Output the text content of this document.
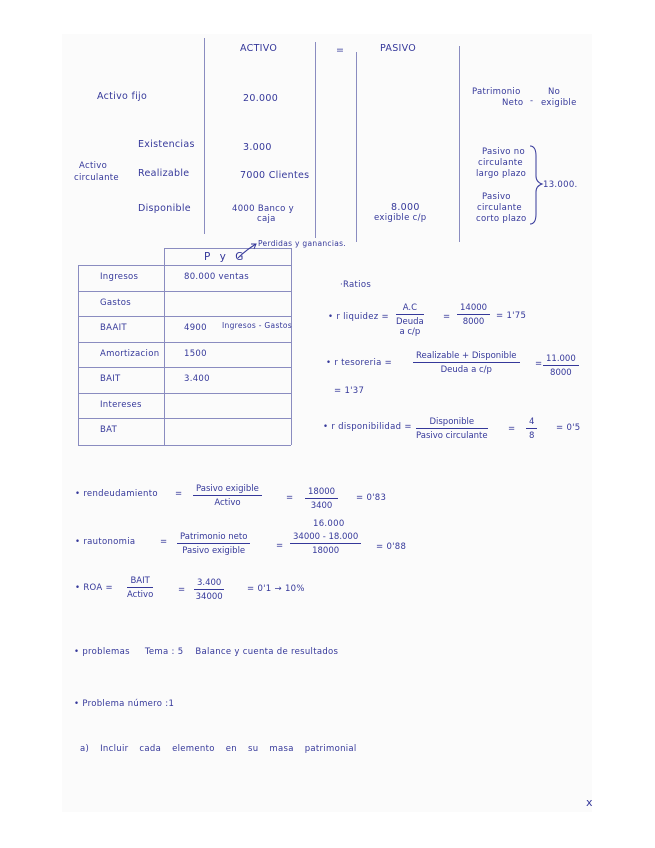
ACTIVO	=	PASIVO
Activo fijo	20.000
Patrimonio
Neto -
No
exigible
Activo
circulante
Existencias	3.000
Realizable	7000 Clientes
Disponible	4000 Banco y
caja
8.000
exigible c/p
Pasivo no
circulante
largo plazo
Pasivo
circulante
corto plazo
13.000.
Perdidas y ganancias.
P y G
Ingresos	80.000 ventas
Gastos
BAAIT	4900 Ingresos - Gastos
Amortizacion	1500
BAIT	3.400
Intereses
BAT
·Ratios
• r liquidez =
A.C
Deuda
a c/p
= $\frac{14000}{8000} = 1'75$
• r tesoreria =
Realizable + Disponible
Deuda a c/p
= $\frac{11.000}{8000}$
= 1'37
• r disponibilidad =	Disponible
Pasivo circulante
= $\frac{4}{8} = 0'5$
• rendeudamiento =	Pasivo exigible
Activo	= $\frac{18000}{3400} = 0'83$
• rautonomia	=	Patrimonio neto
Pasivo exigible	=
16.000
$\frac{34000 - 18.000}{18000} = 0'88$
• ROA =
BAIT
Activo	= $\frac{3.400}{34000}$	= 0'1 → 10%
• problemas Tema : 5 Balance y cuenta de resultados
• Problema número :1
a) Incluir cada elemento en su masa patrimonial
x
